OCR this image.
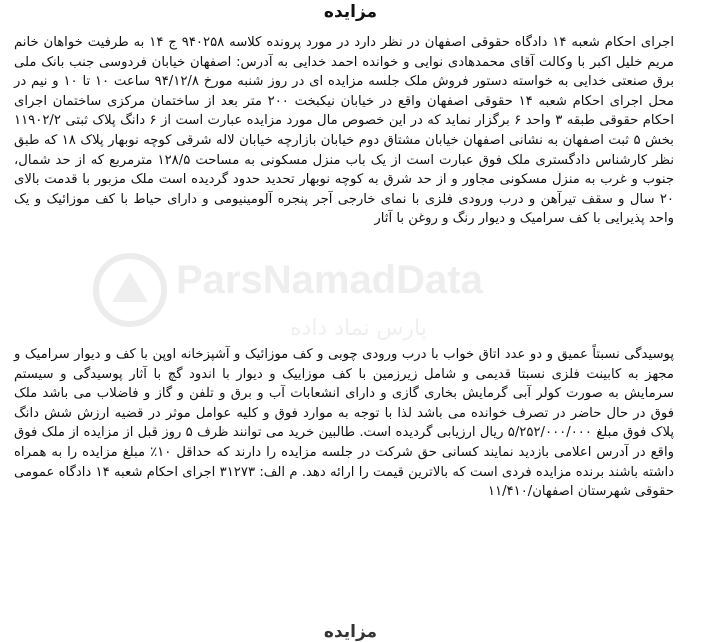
مزایده

اجرای احکام شعبه ۱۴ دادگاه حقوقی اصفهان در نظر دارد در مورد پرونده کلاسه ۹۴۰۲۵۸ ج ۱۴ به طرفیت خواهان خانم مریم خلیل اکبر با وکالت آقای محمدهادی نوایی و خوانده احمد خدایی به آدرس: اصفهان خیابان فردوسی جنب بانک ملی برق صنعتی خدایی به خواسته دستور فروش ملک جلسه مزایده ای در روز شنبه مورخ ۹۴/۱۲/۸ ساعت ۱۰ تا ۱۰ و نیم در محل اجرای احکام شعبه ۱۴ حقوقی اصفهان واقع در خیابان نیکبخت ۲۰۰ متر بعد از ساختمان مرکزی ساختمان اجرای احکام حقوقی طبقه ۳ واحد ۶ برگزار نماید که در این خصوص مال مورد مزایده عبارت است از ۶ دانگ پلاک ثبتی ۱۱۹۰۲/۲ بخش ۵ ثبت اصفهان به نشانی اصفهان خیابان مشتاق دوم خیابان بازارچه خیابان لاله شرقی کوچه نوبهار پلاک ۱۸ که طبق نظر کارشناس دادگستری ملک فوق عبارت است از یک باب منزل مسکونی به مساحت ۱۲۸/۵ مترمربع که از حد شمال، جنوب و غرب به منزل مسکونی مجاور و از حد شرق به کوچه نوبهار تحدید حدود گردیده است ملک مزبور با قدمت بالای ۲۰ سال و سقف تیرآهن و درب ورودی فلزی با نمای خارجی آجر پنجره آلومینیومی و دارای حیاط با کف موزائیک و یک واحد پذیرایی با کف سرامیک و دیوار رنگ و روغن با آثار

پوسیدگی نسبتاً عمیق و دو عدد اتاق خواب با درب ورودی چوبی و کف موزائیک و آشپزخانه اوپن با کف و دیوار سرامیک و مجهز به کابینت فلزی نسبتا قدیمی و شامل زیرزمین با کف موزاییک و دیوار با اندود گچ با آثار پوسیدگی و سیستم سرمایش به صورت کولر آبی گرمایش بخاری گازی و دارای انشعابات آب و برق و تلفن و گاز و فاضلاب می باشد ملک فوق در حال حاضر در تصرف خوانده می باشد لذا با توجه به موارد فوق و کلیه عوامل موثر در قضیه ارزش شش دانگ پلاک فوق مبلغ ۵/۲۵۲/۰۰۰/۰۰۰ ریال ارزیابی گردیده است. طالبین خرید می توانند ظرف ۵ روز قبل از مزایده از ملک فوق واقع در آدرس اعلامی بازدید نمایند کسانی حق شرکت در جلسه مزایده را دارند که حداقل ۱۰٪ مبلغ مزایده را به همراه داشته باشند برنده مزایده فردی است که بالاترین قیمت را ارائه دهد. م الف: ۳۱۲۷۳ اجرای احکام شعبه ۱۴ دادگاه عمومی حقوقی شهرستان اصفهان/۱۱/۴۱۰

مزایده
ParsNamadData
پارس نماد داده
